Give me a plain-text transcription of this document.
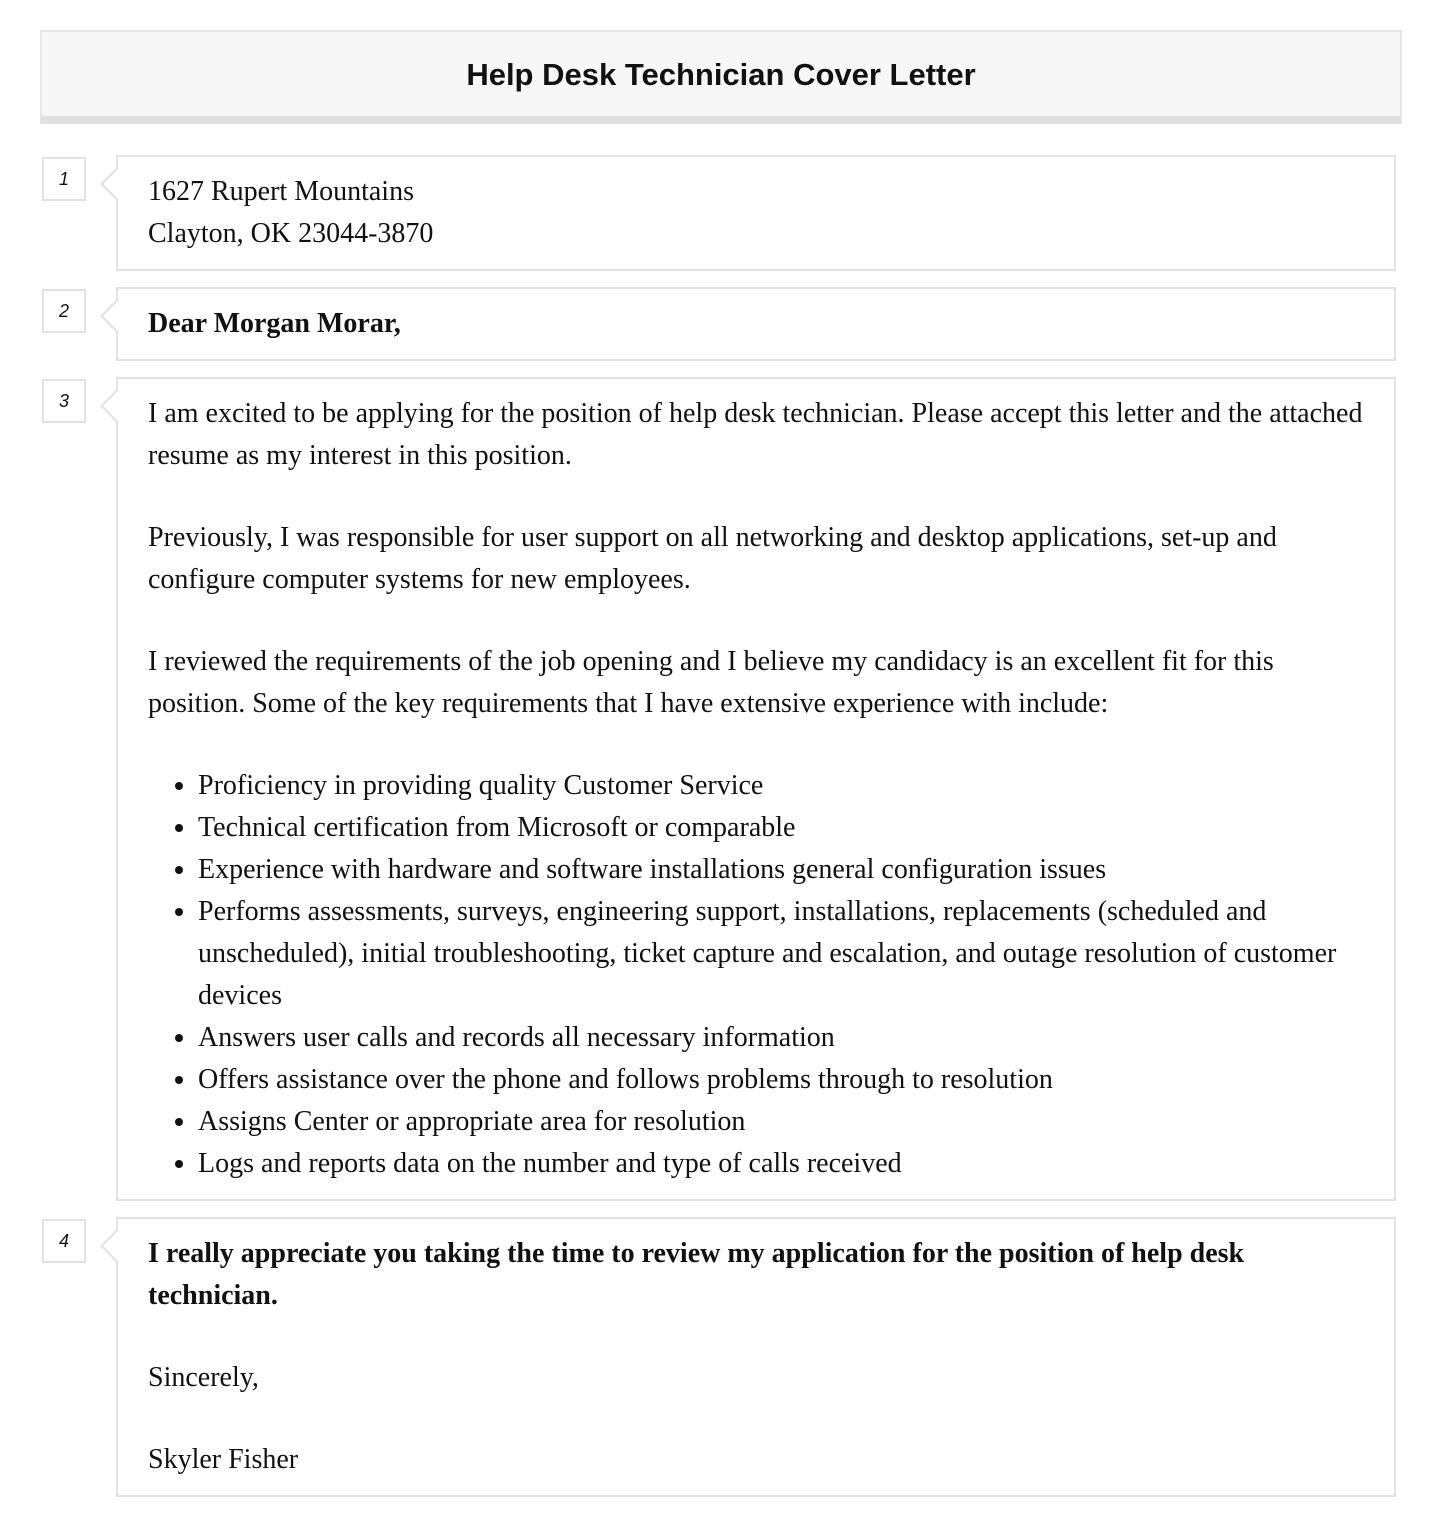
Help Desk Technician Cover Letter
1	1627 Rupert Mountains

Clayton, OK 23044-3870

2	Dear Morgan Morar,

3	I am excited to be applying for the position of help desk technician. Please accept this letter and the attached resume as my interest in this position.

Previously, I was responsible for user support on all networking and desktop applications, set-up and configure computer systems for new employees.

I reviewed the requirements of the job opening and I believe my candidacy is an excellent fit for this position. Some of the key requirements that I have extensive experience with include:

• Proficiency in providing quality Customer Service
• Technical certification from Microsoft or comparable
• Experience with hardware and software installations general configuration issues
• Performs assessments, surveys, engineering support, installations, replacements (scheduled and unscheduled), initial troubleshooting, ticket capture and escalation, and outage resolution of customer devices
• Answers user calls and records all necessary information
• Offers assistance over the phone and follows problems through to resolution
• Assigns Center or appropriate area for resolution
• Logs and reports data on the number and type of calls received
4	I really appreciate you taking the time to review my application for the position of help desk technician.

Sincerely,

Skyler Fisher
